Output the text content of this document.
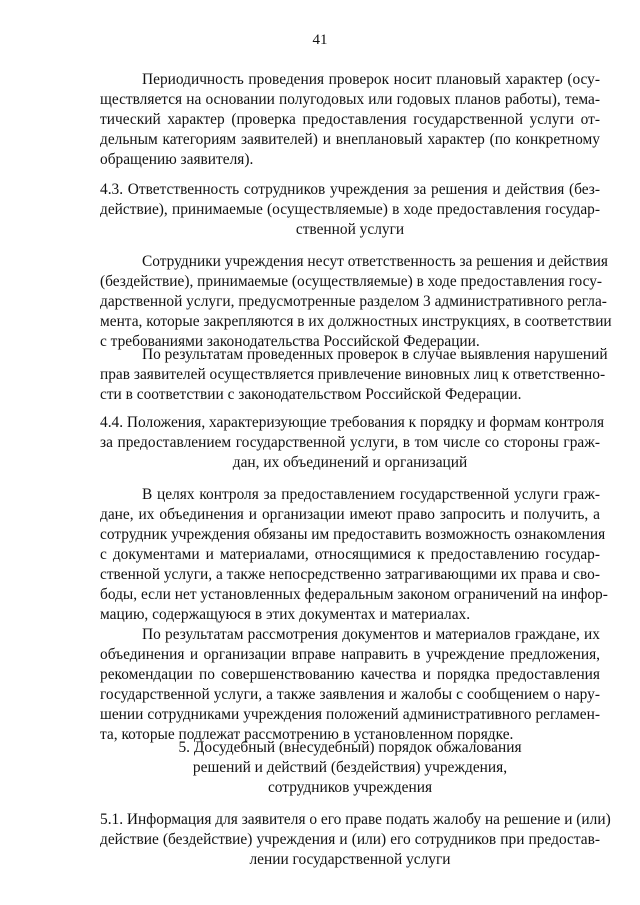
41
Периодичность проведения проверок носит плановый характер (осу-
ществляется на основании полугодовых или годовых планов работы), тема-
тический характер (проверка предоставления государственной услуги от-
дельным категориям заявителей) и внеплановый характер (по конкретному
обращению заявителя).
4.3. Ответственность сотрудников учреждения за решения и действия (без-
действие), принимаемые (осуществляемые) в ходе предоставления государ-
ственной услуги
Сотрудники учреждения несут ответственность за решения и действия
(бездействие), принимаемые (осуществляемые) в ходе предоставления госу-
дарственной услуги, предусмотренные разделом 3 административного регла-
мента, которые закрепляются в их должностных инструкциях, в соответствии
с требованиями законодательства Российской Федерации.
По результатам проведенных проверок в случае выявления нарушений
прав заявителей осуществляется привлечение виновных лиц к ответственно-
сти в соответствии с законодательством Российской Федерации.
4.4. Положения, характеризующие требования к порядку и формам контроля
за предоставлением государственной услуги, в том числе со стороны граж-
дан, их объединений и организаций
В целях контроля за предоставлением государственной услуги граж-
дане, их объединения и организации имеют право запросить и получить, а
сотрудник учреждения обязаны им предоставить возможность ознакомления
с документами и материалами, относящимися к предоставлению государ-
ственной услуги, а также непосредственно затрагивающими их права и сво-
боды, если нет установленных федеральным законом ограничений на инфор-
мацию, содержащуюся в этих документах и материалах.
По результатам рассмотрения документов и материалов граждане, их
объединения и организации вправе направить в учреждение предложения,
рекомендации по совершенствованию качества и порядка предоставления
государственной услуги, а также заявления и жалобы с сообщением о нару-
шении сотрудниками учреждения положений административного регламен-
та, которые подлежат рассмотрению в установленном порядке.
5. Досудебный (внесудебный) порядок обжалования
решений и действий (бездействия) учреждения,
сотрудников учреждения
5.1. Информация для заявителя о его праве подать жалобу на решение и (или)
действие (бездействие) учреждения и (или) его сотрудников при предостав-
лении государственной услуги
